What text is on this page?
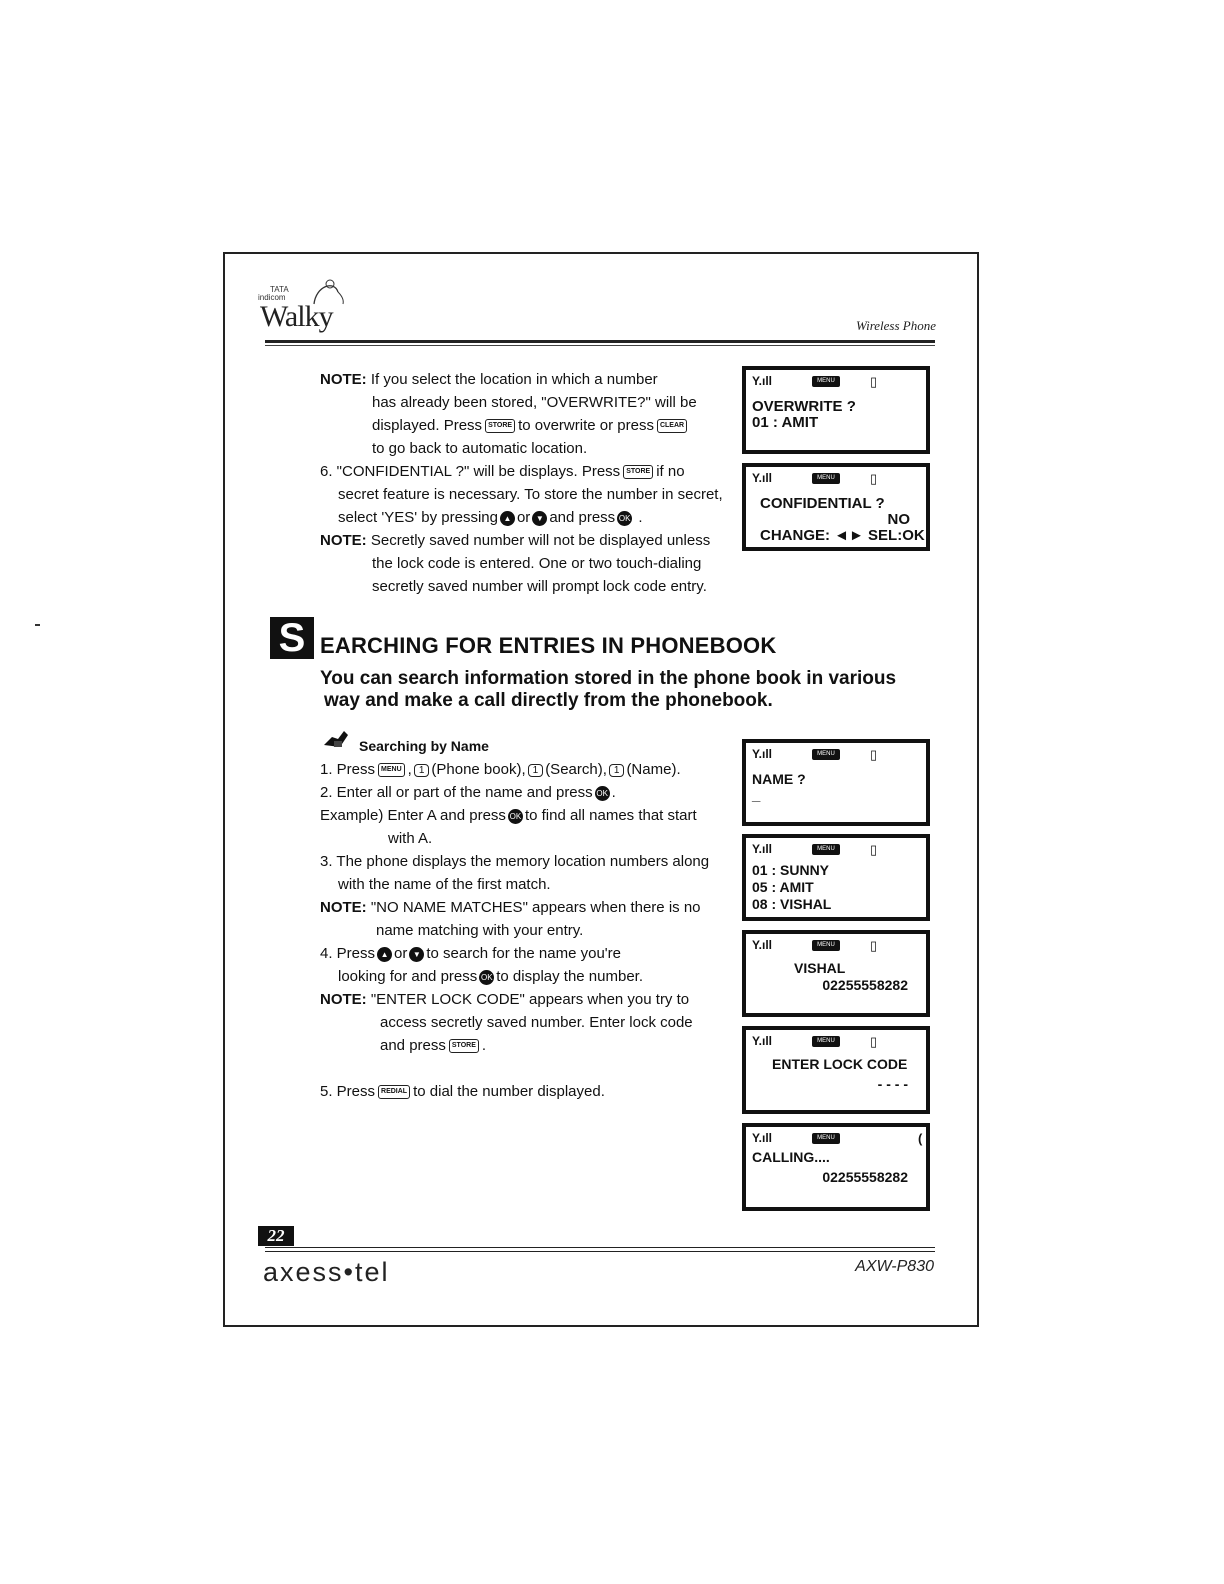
TATA
indicom
Walky	Wireless Phone
NOTE: If you select the location in which a number
has already been stored, "OVERWRITE?" will be
displayed. Press STORE to overwrite or press CLEAR
to go back to automatic location.
6. "CONFIDENTIAL ?" will be displays. Press STORE if no
secret feature is necessary. To store the number in secret,
select 'YES' by pressing ▲ or ▼ and press OK .
NOTE: Secretly saved number will not be displayed unless
the lock code is entered. One or two touch-dialing
secretly saved number will prompt lock code entry.
Y.ıll	MENU	▯
OVERWRITE ?
01 : AMIT
Y.ıll	MENU	▯
CONFIDENTIAL ?
NO
CHANGE: ◄► SEL:OK
S EARCHING FOR ENTRIES IN PHONEBOOK
You can search information stored in the phone book in various
way and make a call directly from the phonebook.
Searching by Name
1. Press MENU , 1 (Phone book), 1 (Search), 1 (Name).
2. Enter all or part of the name and press OK .
Example) Enter A and press OK to find all names that start
with A.
3. The phone displays the memory location numbers along
with the name of the first match.
NOTE: "NO NAME MATCHES" appears when there is no
name matching with your entry.
4. Press ▲ or ▼ to search for the name you're
looking for and press OK to display the number.
NOTE: "ENTER LOCK CODE" appears when you try to
access secretly saved number. Enter lock code
and press STORE .
5. Press REDIAL to dial the number displayed.
Y.ıll	MENU	▯
NAME ?
_
Y.ıll	MENU	▯
01 : SUNNY
05 : AMIT
08 : VISHAL
Y.ıll	MENU	▯
VISHAL
02255558282
Y.ıll	MENU	▯
ENTER LOCK CODE
- - - -
Y.ıll	MENU	(
CALLING....
02255558282
22
axess•tel	AXW-P830
